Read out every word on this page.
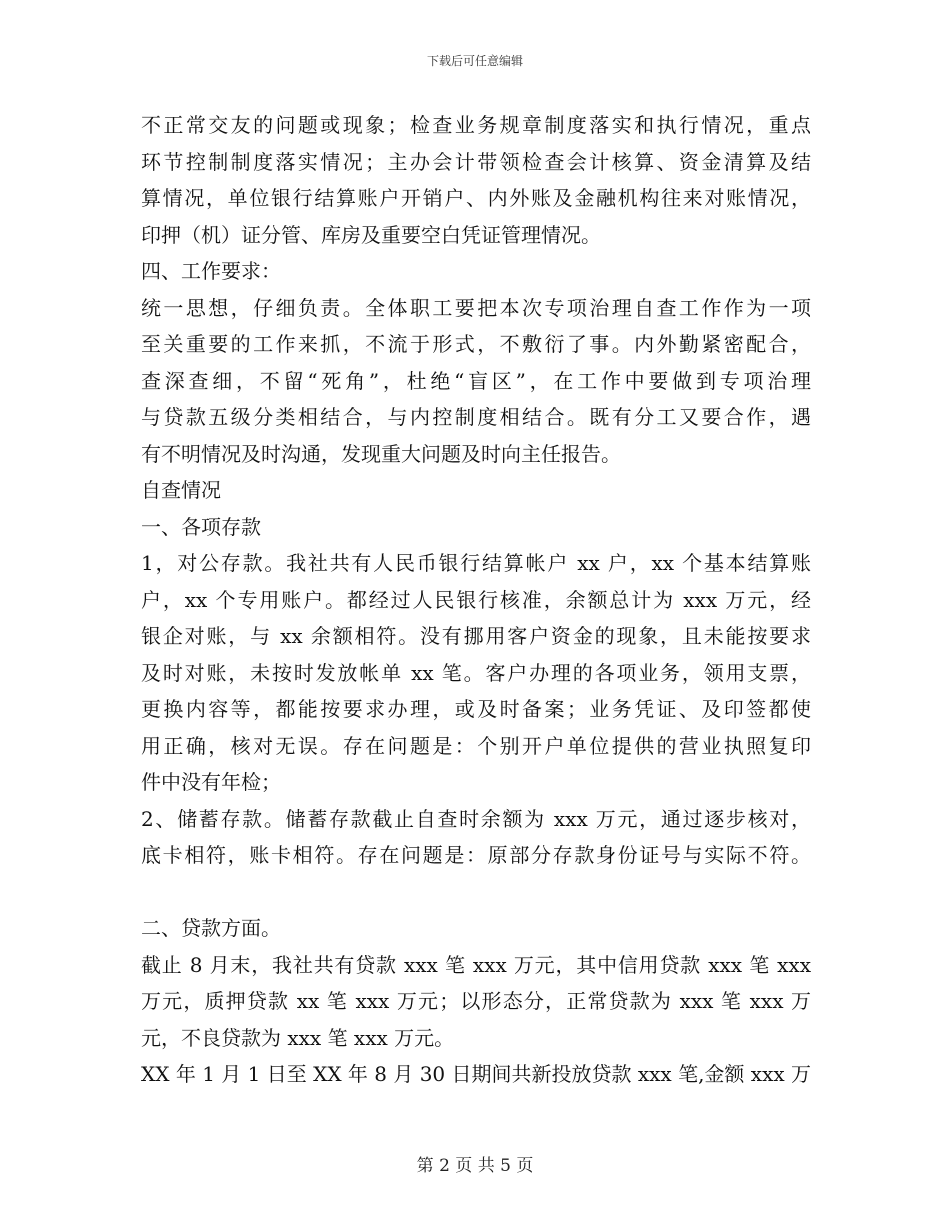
下载后可任意编辑
不正常交友的问题或现象；检查业务规章制度落实和执行情况，重点
环节控制制度落实情况；主办会计带领检查会计核算、资金清算及结
算情况，单位银行结算账户开销户、内外账及金融机构往来对账情况，
印押（机）证分管、库房及重要空白凭证管理情况。
四、工作要求：
统一思想，仔细负责。全体职工要把本次专项治理自查工作作为一项
至关重要的工作来抓，不流于形式，不敷衍了事。内外勤紧密配合，
查深查细，不留“死角”，杜绝“盲区”，在工作中要做到专项治理
与贷款五级分类相结合，与内控制度相结合。既有分工又要合作，遇
有不明情况及时沟通，发现重大问题及时向主任报告。
自查情况
一、各项存款
1，对公存款。我社共有人民币银行结算帐户 xx 户，xx 个基本结算账
户，xx 个专用账户。都经过人民银行核准，余额总计为 xxx 万元，经
银企对账，与 xx 余额相符。没有挪用客户资金的现象，且未能按要求
及时对账，未按时发放帐单 xx 笔。客户办理的各项业务，领用支票，
更换内容等，都能按要求办理，或及时备案；业务凭证、及印签都使
用正确，核对无误。存在问题是：个别开户单位提供的营业执照复印
件中没有年检；
2、储蓄存款。储蓄存款截止自查时余额为 xxx 万元，通过逐步核对，
底卡相符，账卡相符。存在问题是：原部分存款身份证号与实际不符。
二、贷款方面。
截止 8 月末，我社共有贷款 xxx 笔 xxx 万元，其中信用贷款 xxx 笔 xxx
万元，质押贷款 xx 笔 xxx 万元；以形态分，正常贷款为 xxx 笔 xxx 万
元，不良贷款为 xxx 笔 xxx 万元。
XX 年 1 月 1 日至 XX 年 8 月 30 日期间共新投放贷款 xxx 笔,金额 xxx 万
第 2 页 共 5 页
